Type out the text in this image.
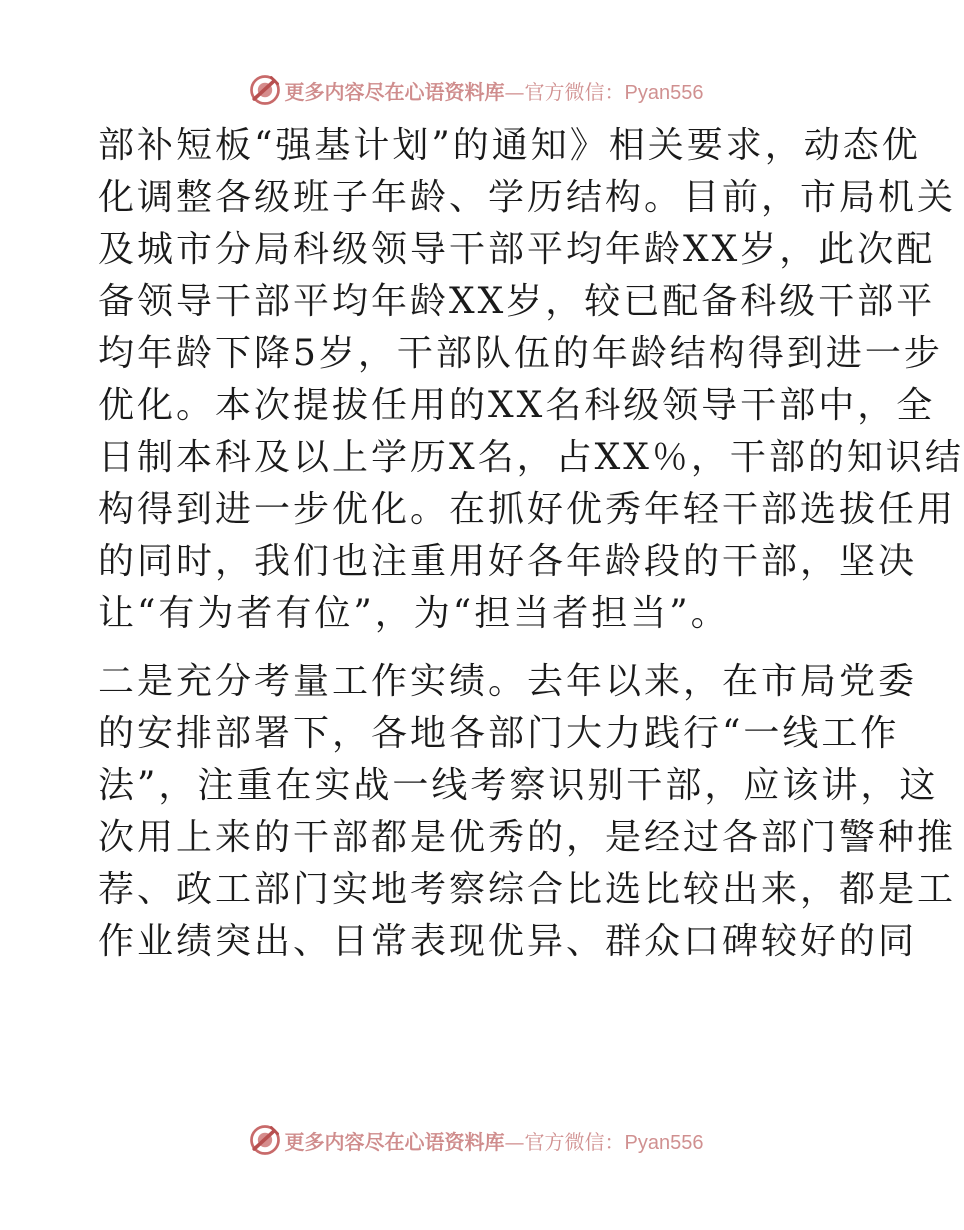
更多内容尽在心语资料库—官方微信：Pyan556
部补短板“强基计划”的通知》相关要求，动态优
化调整各级班子年龄、学历结构。目前，市局机关
及城市分局科级领导干部平均年龄XX岁，此次配
备领导干部平均年龄XX岁，较已配备科级干部平
均年龄下降5岁，干部队伍的年龄结构得到进一步
优化。本次提拔任用的XX名科级领导干部中，全
日制本科及以上学历X名，占XX％，干部的知识结
构得到进一步优化。在抓好优秀年轻干部选拔任用
的同时，我们也注重用好各年龄段的干部，坚决
让“有为者有位”，为“担当者担当”。
二是充分考量工作实绩。去年以来，在市局党委
的安排部署下，各地各部门大力践行“一线工作
法”，注重在实战一线考察识别干部，应该讲，这
次用上来的干部都是优秀的，是经过各部门警种推
荐、政工部门实地考察综合比选比较出来，都是工
作业绩突出、日常表现优异、群众口碑较好的同
更多内容尽在心语资料库—官方微信：Pyan556
